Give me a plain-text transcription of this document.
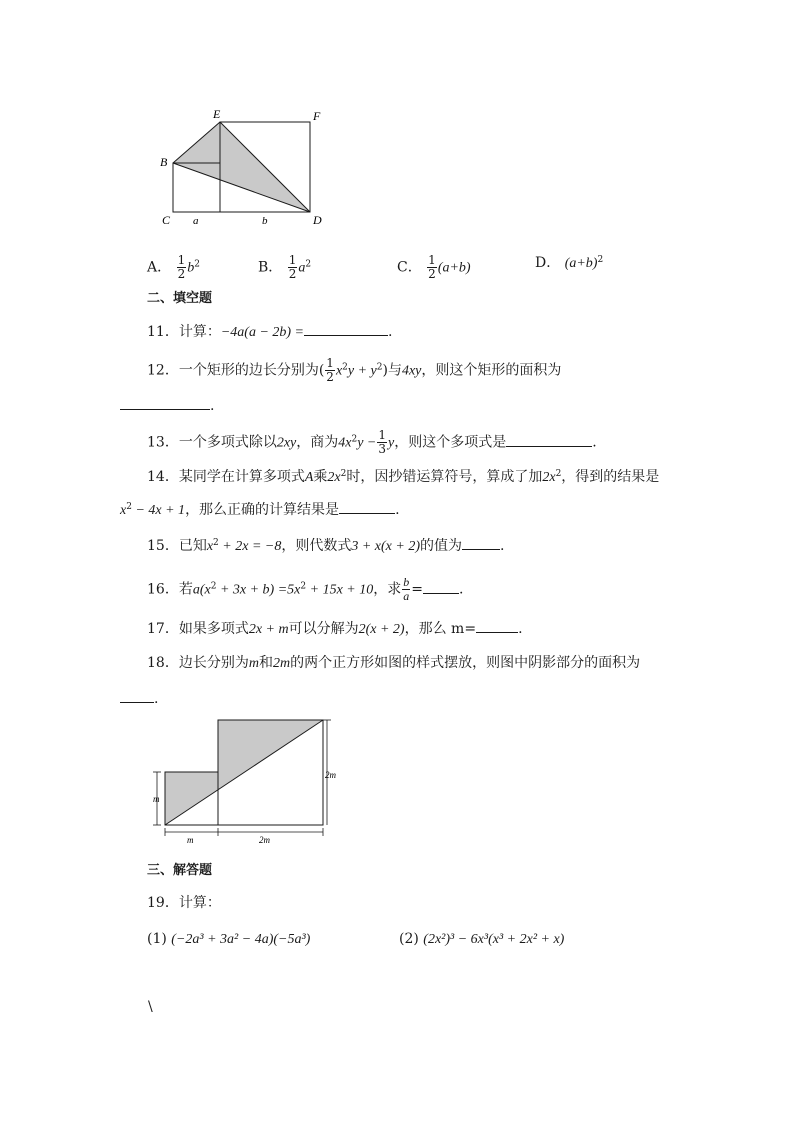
E	F
B
C	D
a	b
A． $\frac{1}{2} b^2$	B． $\frac{1}{2} a^2$	C． $\frac{1}{2} (a+b)$	D． $(a+b)^2$
二、填空题
11．计算：−4a(a − 2b) =	.
12．一个矩形的边长分别为( $\frac{1}{2} x^2y + y^2$)与4xy，则这个矩形的面积为
.
13．一个多项式除以2xy，商为$4x^2y - \frac{1}{3}$ y，则这个多项式是	.
14．某同学在计算多项式A乘$2x^2$时，因抄错运算符号，算成了加$2x^2$，得到的结果是
$x^2 - 4x + 1$，那么正确的计算结果是	.
15．已知$x^2 + 2x = -8$，则代数式3 + x(x + 2)的值为	.
16．若$a(x^2 + 3x + b) =5x^2 + 15x + 10$，求 $\frac{b}{a}$ =	.
17．如果多项式2x + m可以分解为2(x + 2)，那么 m=	.
18．边长分别为m和2m的两个正方形如图的样式摆放，则图中阴影部分的面积为
.
m
2m
m	2m
三、解答题
19．计算：
(1) (−2a³ + 3a² − 4a)(−5a³)	(2) (2x²)³ − 6x³(x³ + 2x² + x)
\
